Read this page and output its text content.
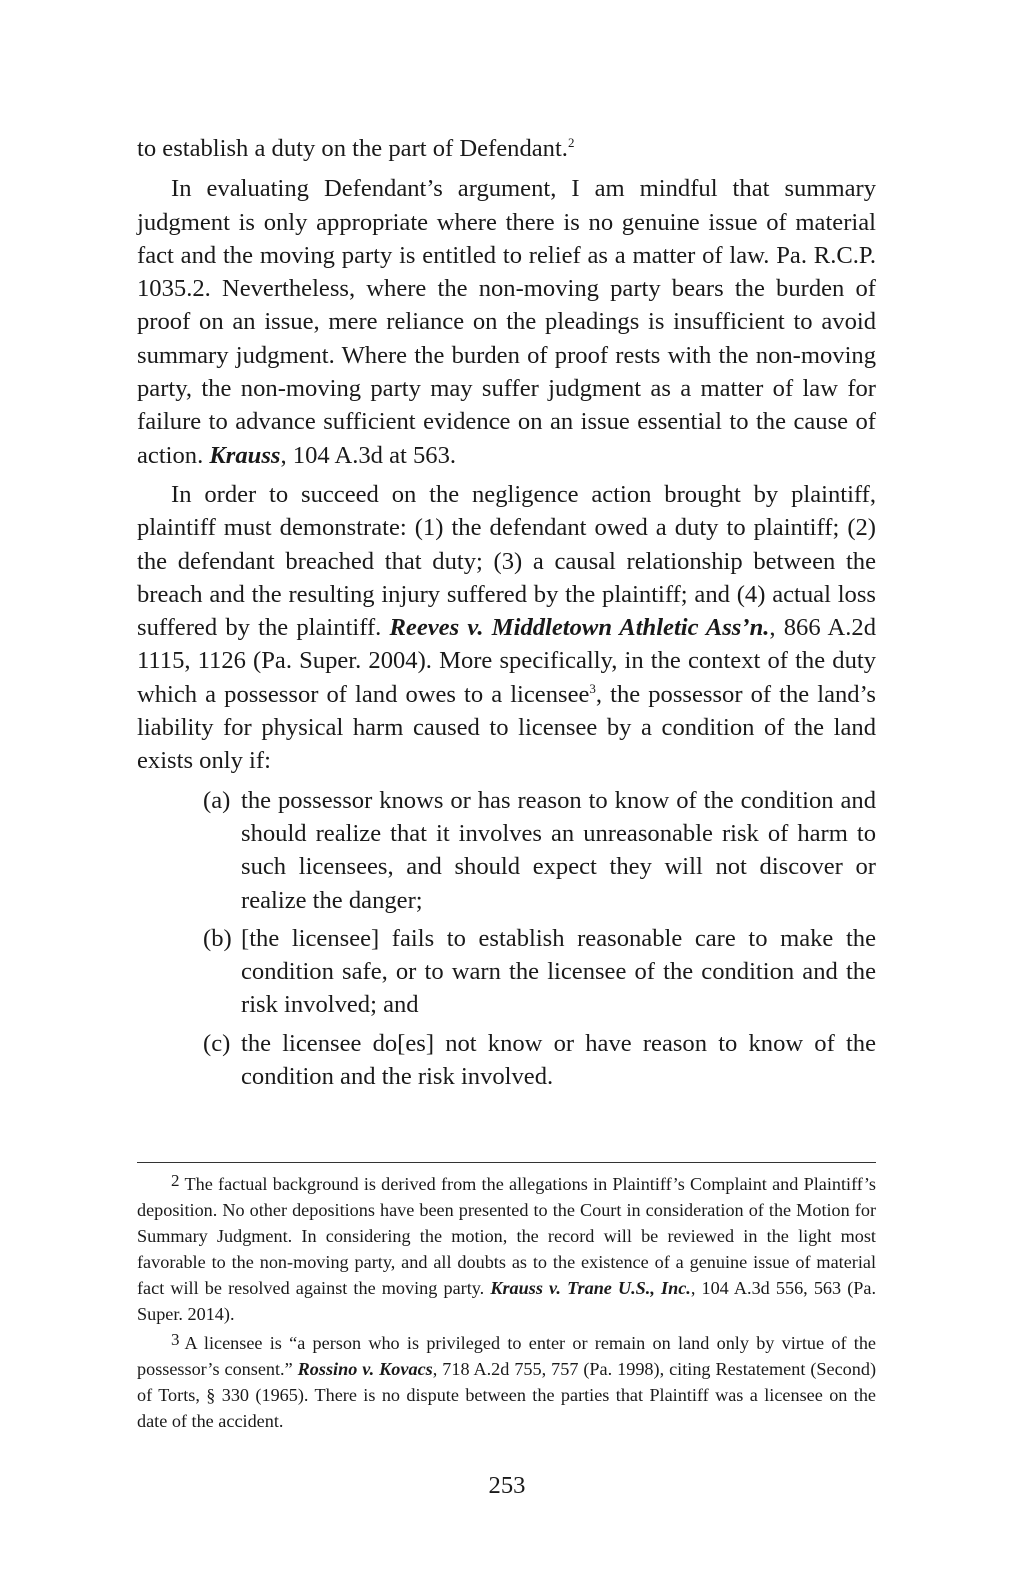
to establish a duty on the part of Defendant.$^2$

In evaluating Defendant’s argument, I am mindful that summary judgment is only appropriate where there is no genuine issue of material fact and the moving party is entitled to relief as a matter of law. Pa. R.C.P. 1035.2. Nevertheless, where the non-moving party bears the burden of proof on an issue, mere reliance on the pleadings is insufficient to avoid summary judgment. Where the burden of proof rests with the non-moving party, the non-moving party may suffer judgment as a matter of law for failure to advance sufficient evidence on an issue essential to the cause of action. Krauss, 104 A.3d at 563.

In order to succeed on the negligence action brought by plaintiff, plaintiff must demonstrate: (1) the defendant owed a duty to plaintiff; (2) the defendant breached that duty; (3) a causal relationship between the breach and the resulting injury suffered by the plaintiff; and (4) actual loss suffered by the plaintiff. Reeves v. Middletown Athletic Ass’n., 866 A.2d 1115, 1126 (Pa. Super. 2004). More specifically, in the context of the duty which a possessor of land owes to a licensee$^3$, the possessor of the land’s liability for physical harm caused to licensee by a condition of the land exists only if:

(a) the possessor knows or has reason to know of the condition and should realize that it involves an unreasonable risk of harm to such licensees, and should expect they will not discover or realize the danger;
(b) [the licensee] fails to establish reasonable care to make the condition safe, or to warn the licensee of the condition and the risk involved; and
(c) the licensee do[es] not know or have reason to know of the condition and the risk involved.

2 The factual background is derived from the allegations in Plaintiff’s Complaint and Plaintiff’s deposition. No other depositions have been presented to the Court in consideration of the Motion for Summary Judgment. In considering the motion, the record will be reviewed in the light most favorable to the non-moving party, and all doubts as to the existence of a genuine issue of material fact will be resolved against the moving party. Krauss v. Trane U.S., Inc., 104 A.3d 556, 563 (Pa. Super. 2014).

3 A licensee is “a person who is privileged to enter or remain on land only by virtue of the possessor’s consent.” Rossino v. Kovacs, 718 A.2d 755, 757 (Pa. 1998), citing Restatement (Second) of Torts, § 330 (1965). There is no dispute between the parties that Plaintiff was a licensee on the date of the accident.

253
